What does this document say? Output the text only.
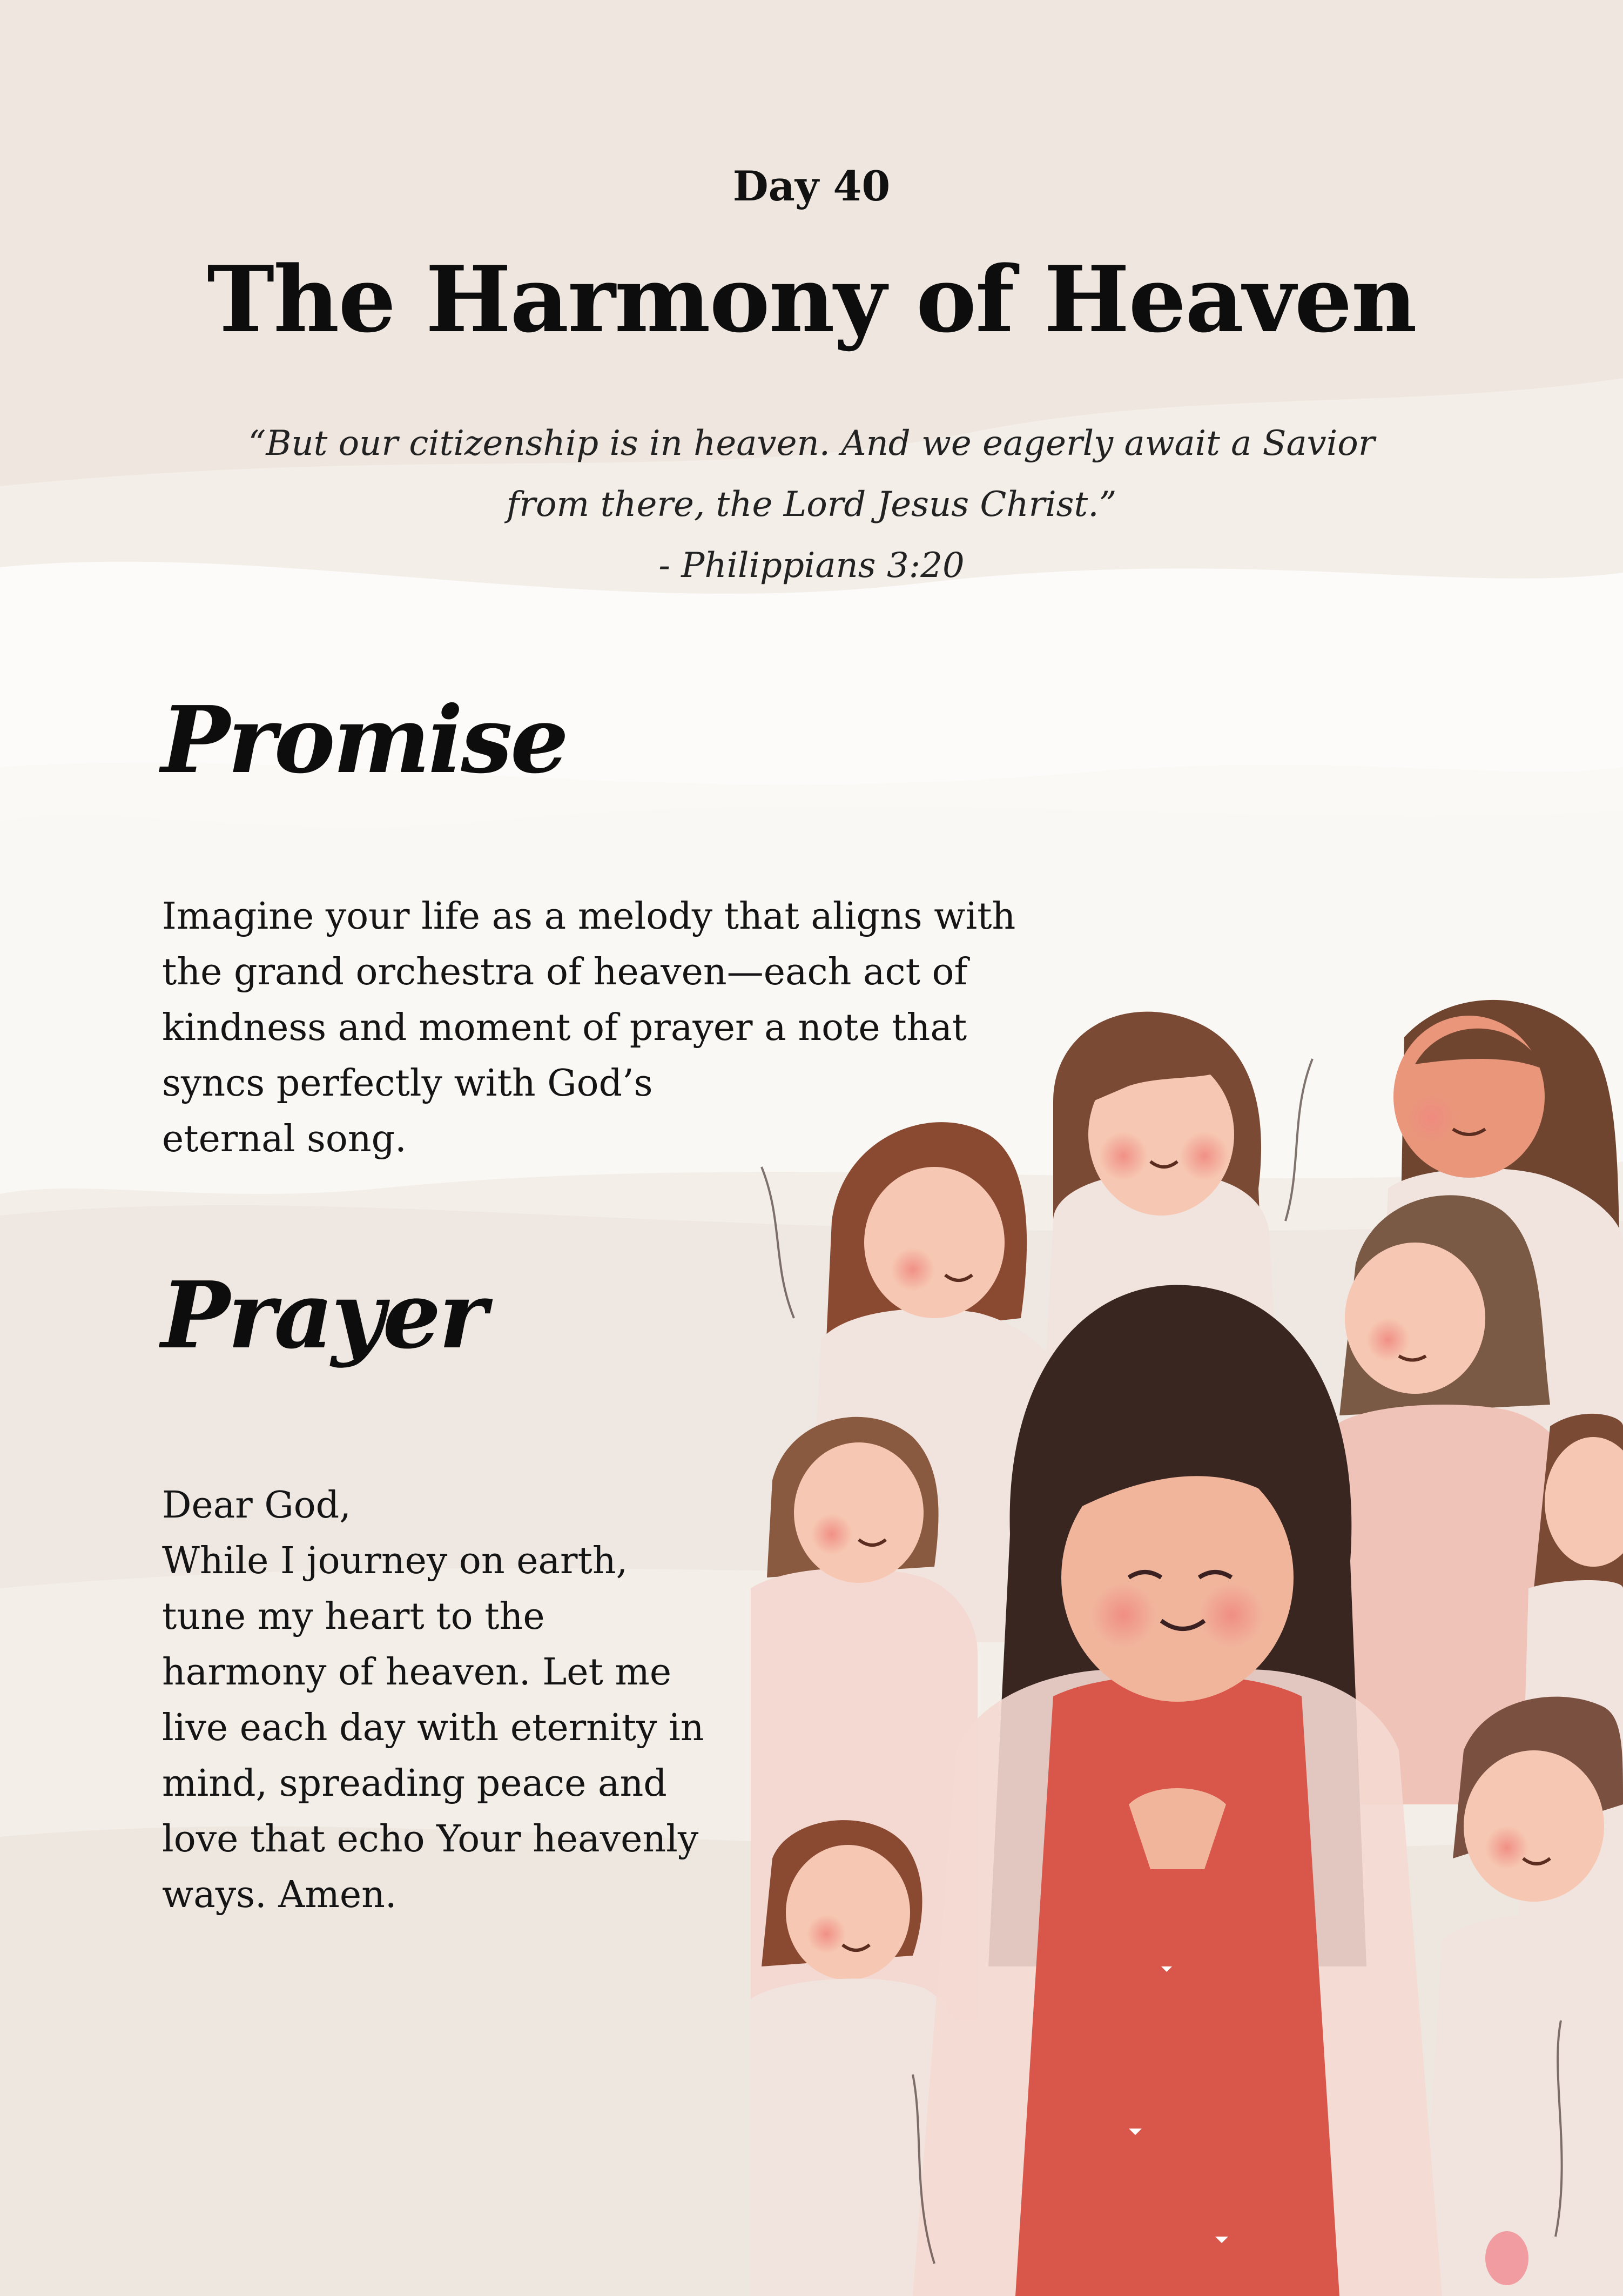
Day 40
The Harmony of Heaven
“But our citizenship is in heaven. And we eagerly await a Savior
from there, the Lord Jesus Christ.”
- Philippians 3:20
Promise
Imagine your life as a melody that aligns with
the grand orchestra of heaven—each act of
kindness and moment of prayer a note that
syncs perfectly with God’s
eternal song.
Prayer
Dear God,
While I journey on earth,
tune my heart to the
harmony of heaven. Let me
live each day with eternity in
mind, spreading peace and
love that echo Your heavenly
ways. Amen.
